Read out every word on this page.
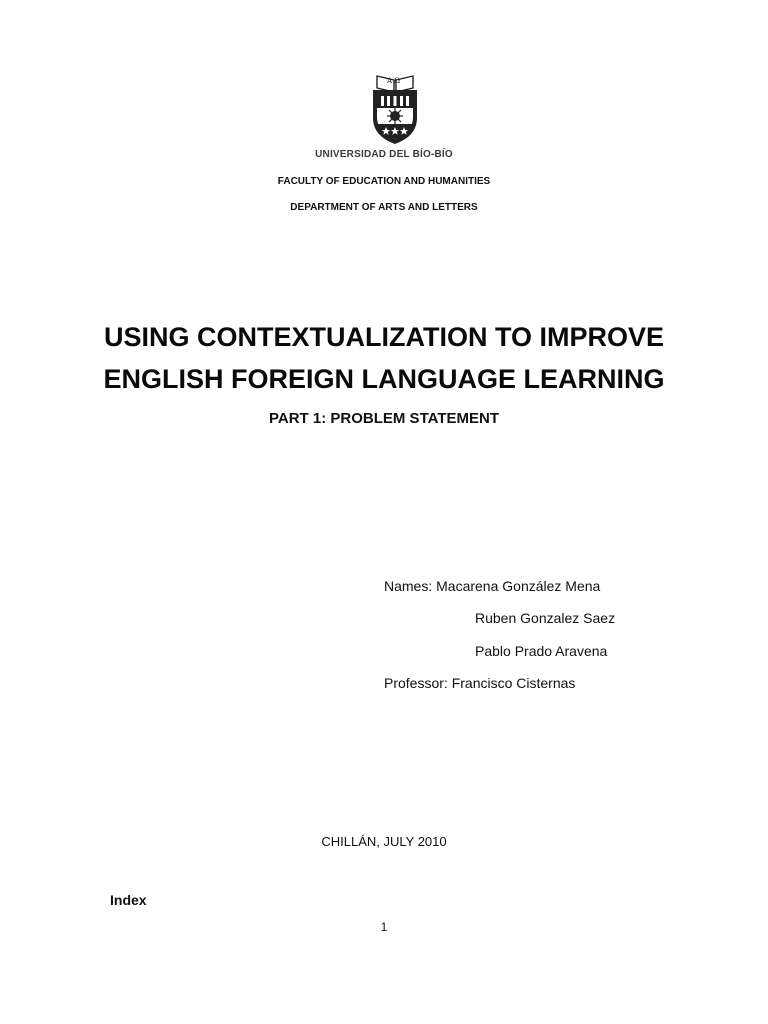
A Ω
UNIVERSIDAD DEL BÍO-BÍO
FACULTY OF EDUCATION AND HUMANITIES
DEPARTMENT OF ARTS AND LETTERS
USING CONTEXTUALIZATION TO IMPROVE
ENGLISH FOREIGN LANGUAGE LEARNING
PART 1: PROBLEM STATEMENT
Names: Macarena González Mena
Ruben Gonzalez Saez
Pablo Prado Aravena
Professor: Francisco Cisternas
CHILLÁN, JULY 2010
Index
1
